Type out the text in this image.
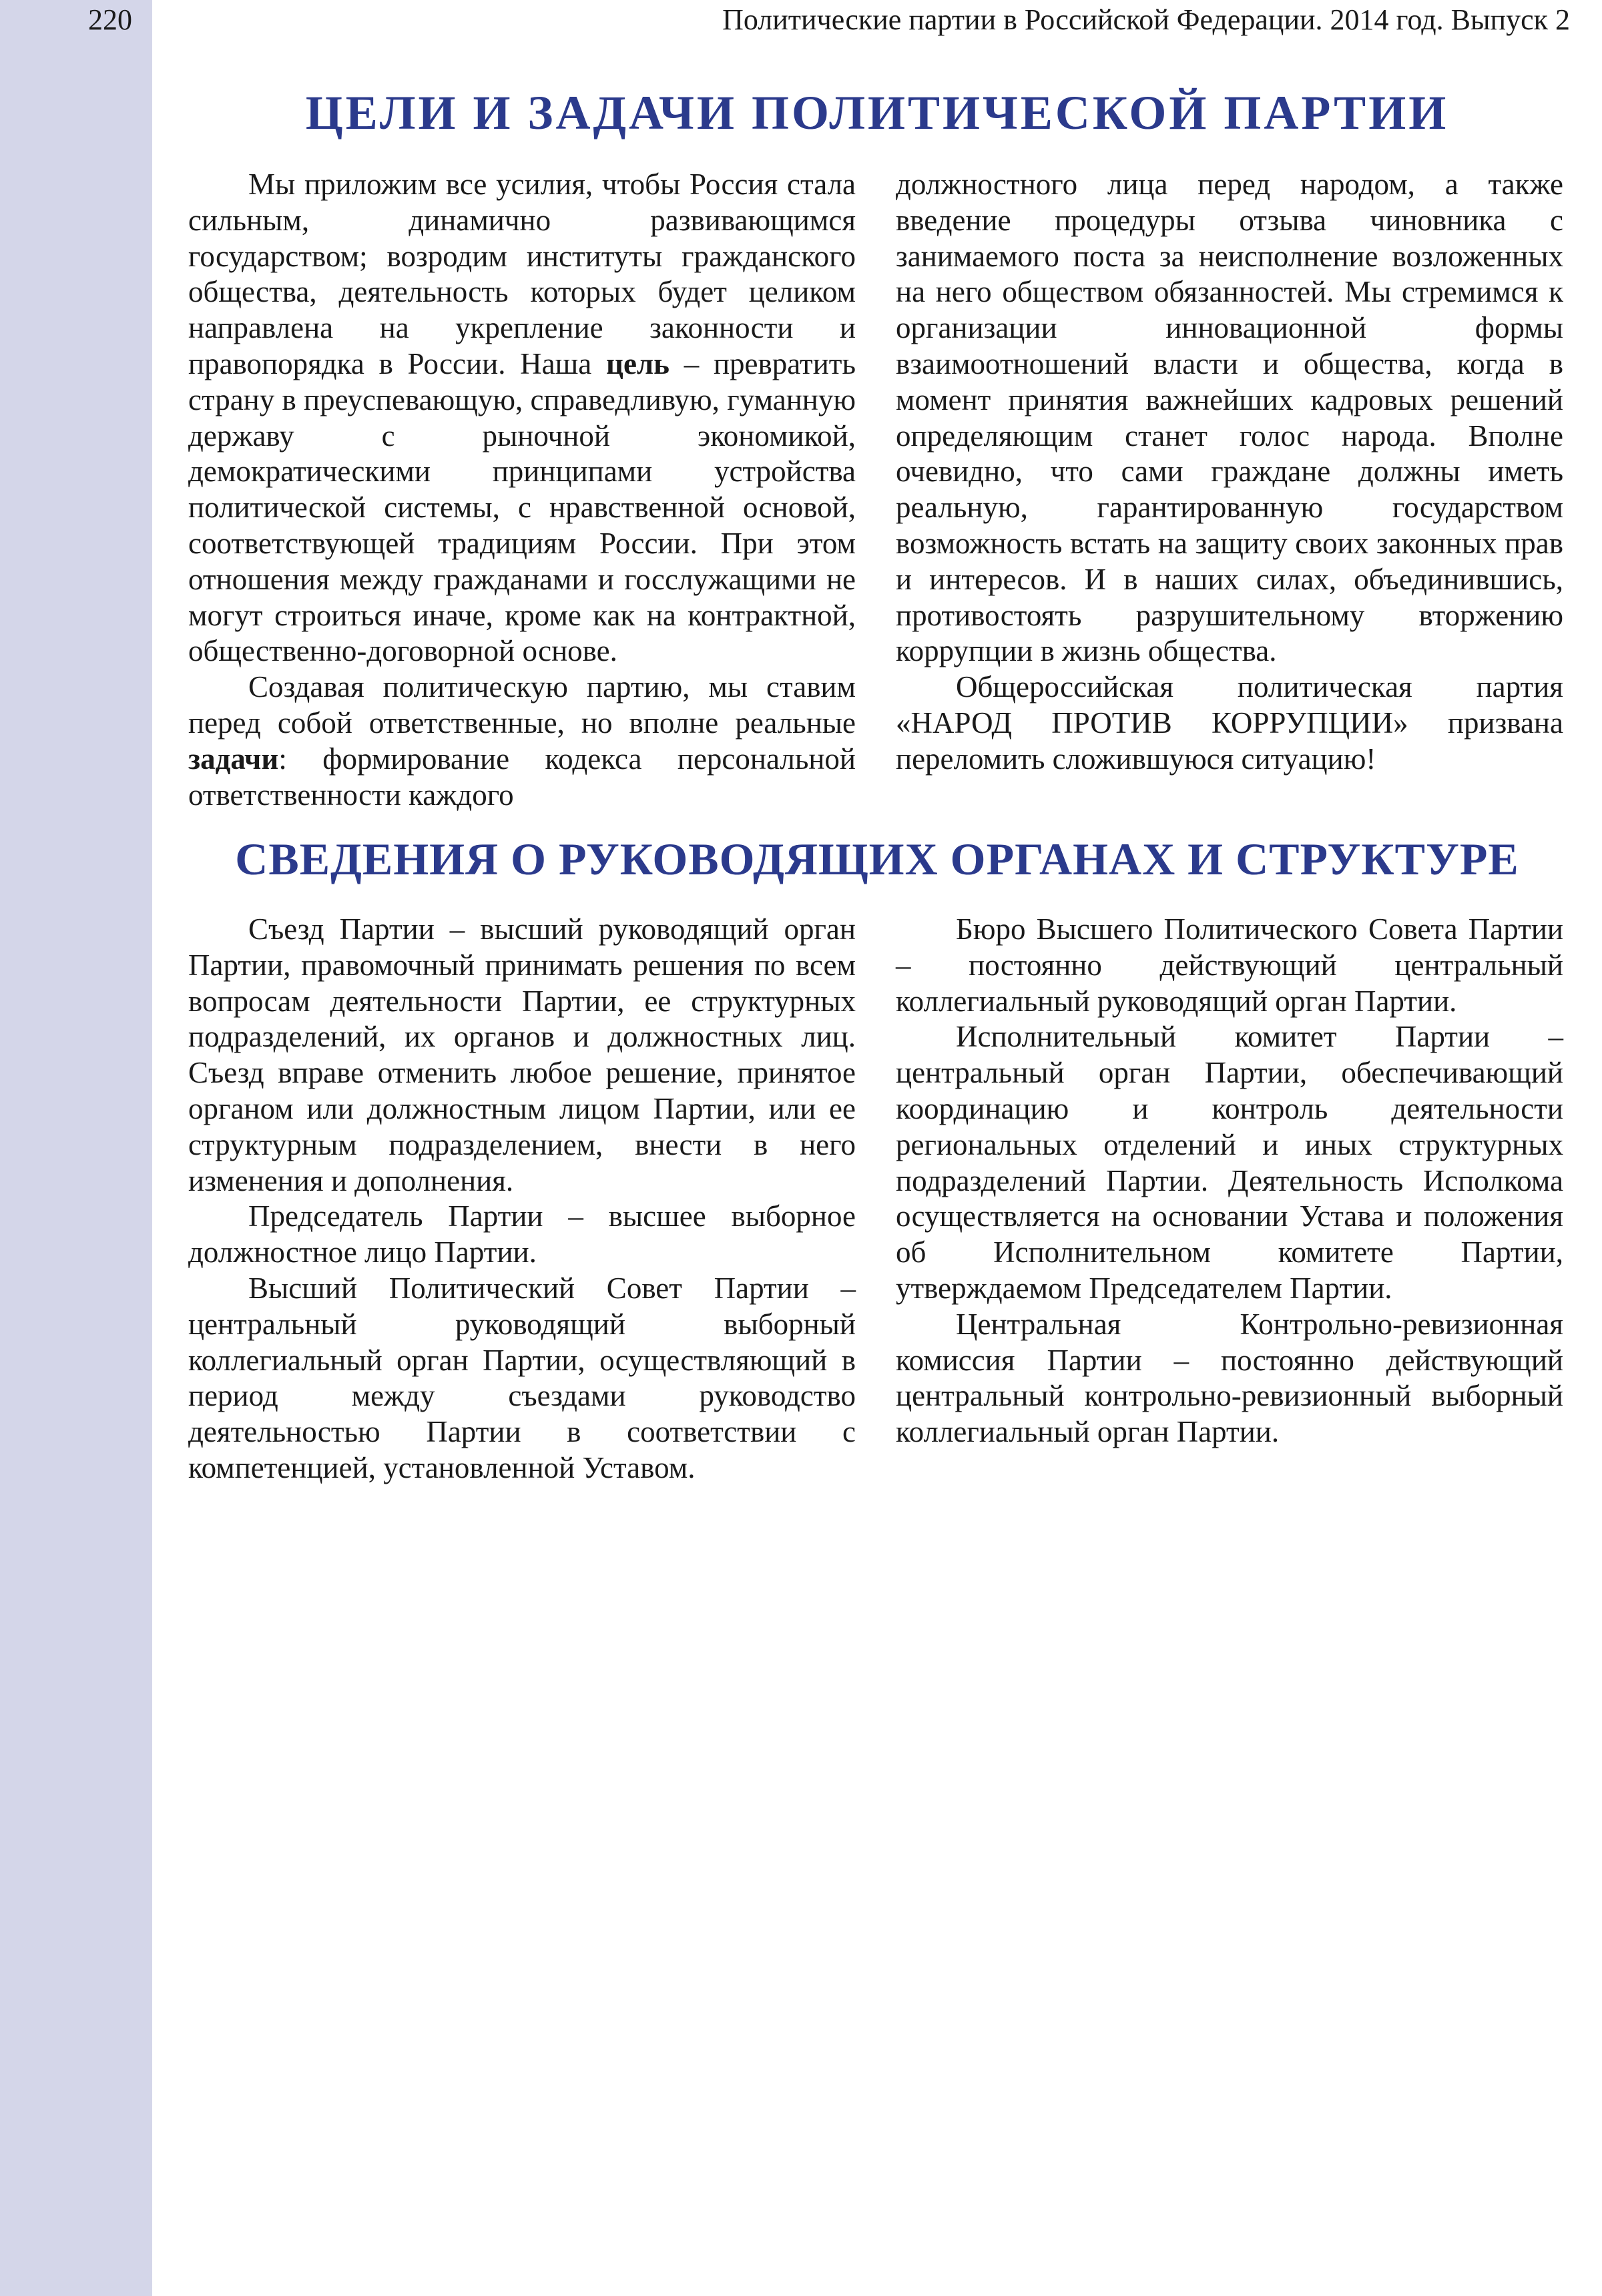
220	Политические партии в Российской Федерации. 2014 год. Выпуск 2
ЦЕЛИ И ЗАДАЧИ ПОЛИТИЧЕСКОЙ ПАРТИИ

Мы приложим все усилия, чтобы Россия стала сильным, динамично развивающимся государством; возродим институты гражданского общества, деятельность которых будет целиком направлена на укрепление законности и правопорядка в России. Наша цель – превратить страну в преуспевающую, справедливую, гуманную державу с рыночной экономикой, демократическими принципами устройства политической системы, с нравственной основой, соответствующей традициям России. При этом отношения между гражданами и госслужащими не могут строиться иначе, кроме как на контрактной, общественно-договорной основе.

Создавая политическую партию, мы ставим перед собой ответственные, но вполне реальные задачи: формирование кодекса персональной ответственности каждого

должностного лица перед народом, а также введение процедуры отзыва чиновника с занимаемого поста за неисполнение возложенных на него обществом обязанностей. Мы стремимся к организации инновационной формы взаимоотношений власти и общества, когда в момент принятия важнейших кадровых решений определяющим станет голос народа. Вполне очевидно, что сами граждане должны иметь реальную, гарантированную государством возможность встать на защиту своих законных прав и интересов. И в наших силах, объединившись, противостоять разрушительному вторжению коррупции в жизнь общества.

Общероссийская политическая партия «НАРОД ПРОТИВ КОРРУПЦИИ» призвана переломить сложившуюся ситуацию!

СВЕДЕНИЯ О РУКОВОДЯЩИХ ОРГАНАХ И СТРУКТУРЕ

Съезд Партии – высший руководящий орган Партии, правомочный принимать решения по всем вопросам деятельности Партии, ее структурных подразделений, их органов и должностных лиц. Съезд вправе отменить любое решение, принятое органом или должностным лицом Партии, или ее структурным подразделением, внести в него изменения и дополнения.

Председатель Партии – высшее выборное должностное лицо Партии.

Высший Политический Совет Партии – центральный руководящий выборный коллегиальный орган Партии, осуществляющий в период между съездами руководство деятельностью Партии в соответствии с компетенцией, установленной Уставом.

Бюро Высшего Политического Совета Партии – постоянно действующий центральный коллегиальный руководящий орган Партии.

Исполнительный комитет Партии – центральный орган Партии, обеспечивающий координацию и контроль деятельности региональных отделений и иных структурных подразделений Партии. Деятельность Исполкома осуществляется на основании Устава и положения об Исполнительном комитете Партии, утверждаемом Председателем Партии.

Центральная Контрольно-ревизионная комиссия Партии – постоянно действующий центральный контрольно-ревизионный выборный коллегиальный орган Партии.
